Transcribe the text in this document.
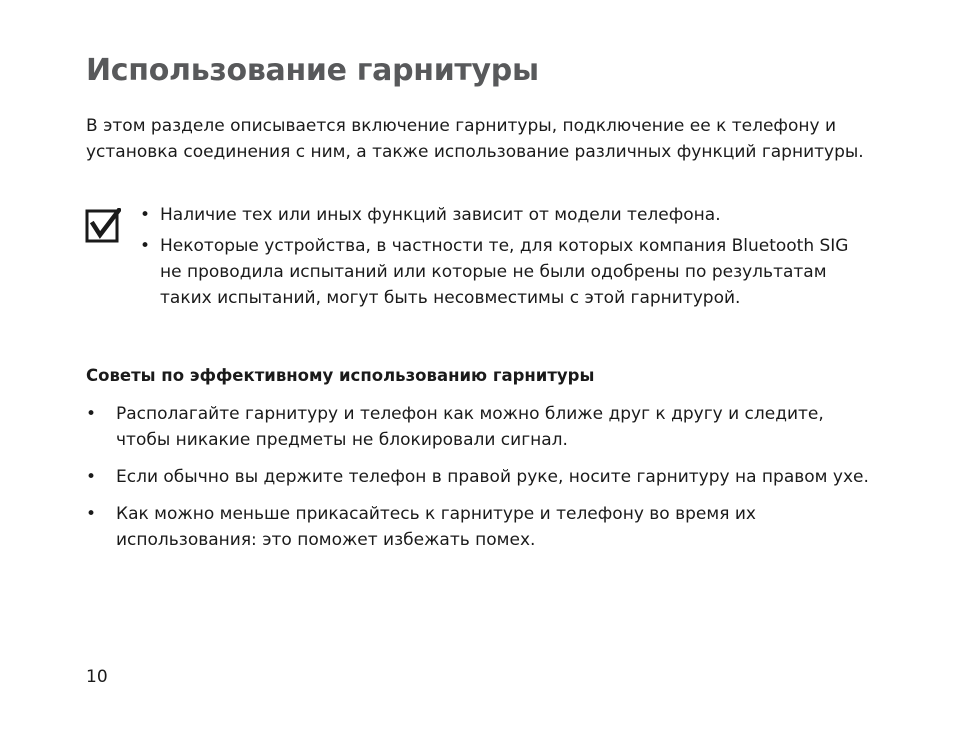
Использование гарнитуры

В этом разделе описывается включение гарнитуры, подключение ее к телефону и установка соединения с ним, а также использование различных функций гарнитуры.

• Наличие тех или иных функций зависит от модели телефона.
• Некоторые устройства, в частности те, для которых компания Bluetooth SIG не проводила испытаний или которые не были одобрены по результатам таких испытаний, могут быть несовместимы с этой гарнитурой.
Советы по эффективному использованию гарнитуры
• Располагайте гарнитуру и телефон как можно ближе друг к другу и следите, чтобы никакие предметы не блокировали сигнал.
• Если обычно вы держите телефон в правой руке, носите гарнитуру на правом ухе.
• Как можно меньше прикасайтесь к гарнитуре и телефону во время их использования: это поможет избежать помех.
10
